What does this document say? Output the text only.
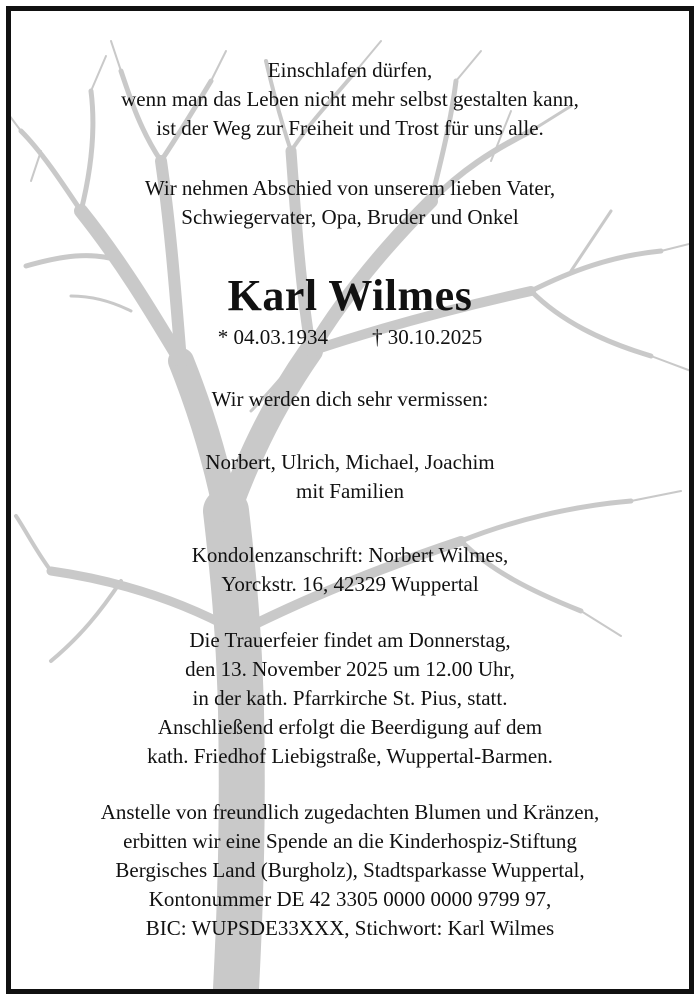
Einschlafen dürfen,
wenn man das Leben nicht mehr selbst gestalten kann,
ist der Weg zur Freiheit und Trost für uns alle.
Wir nehmen Abschied von unserem lieben Vater,
Schwiegervater, Opa, Bruder und Onkel
Karl Wilmes
* 04.03.1934 † 30.10.2025
Wir werden dich sehr vermissen:
Norbert, Ulrich, Michael, Joachim
mit Familien
Kondolenzanschrift: Norbert Wilmes,
Yorckstr. 16, 42329 Wuppertal
Die Trauerfeier findet am Donnerstag,
den 13. November 2025 um 12.00 Uhr,
in der kath. Pfarrkirche St. Pius, statt.
Anschließend erfolgt die Beerdigung auf dem
kath. Friedhof Liebigstraße, Wuppertal-Barmen.
Anstelle von freundlich zugedachten Blumen und Kränzen,
erbitten wir eine Spende an die Kinderhospiz-Stiftung
Bergisches Land (Burgholz), Stadtsparkasse Wuppertal,
Kontonummer DE 42 3305 0000 0000 9799 97,
BIC: WUPSDE33XXX, Stichwort: Karl Wilmes
